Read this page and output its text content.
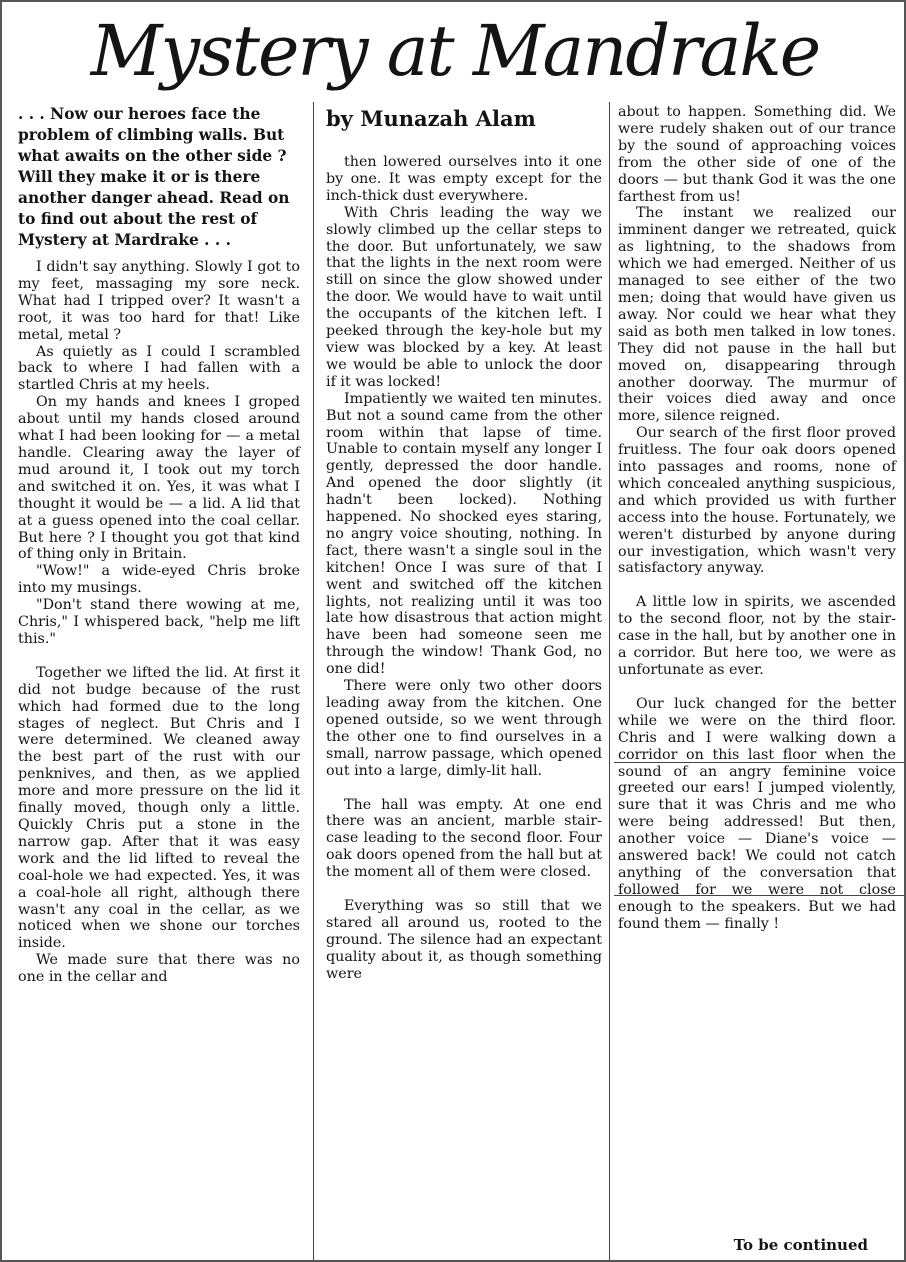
Mystery at Mandrake

. . . Now our heroes face the problem of climbing walls. But what awaits on the other side ? Will they make it or is there another danger ahead. Read on to find out about the rest of Mystery at Mardrake . . .

I didn't say anything. Slowly I got to my feet, massaging my sore neck. What had I tripped over? It wasn't a root, it was too hard for that! Like metal, metal ?

As quietly as I could I scrambled back to where I had fallen with a startled Chris at my heels.

On my hands and knees I groped about until my hands closed around what I had been looking for — a metal handle. Clearing away the layer of mud around it, I took out my torch and switched it on. Yes, it was what I thought it would be — a lid. A lid that at a guess opened into the coal cellar. But here ? I thought you got that kind of thing only in Britain.

"Wow!" a wide-eyed Chris broke into my musings.

"Don't stand there wowing at me, Chris," I whispered back, "help me lift this."

Together we lifted the lid. At first it did not budge because of the rust which had formed due to the long stages of neglect. But Chris and I were determined. We cleaned away the best part of the rust with our penknives, and then, as we applied more and more pressure on the lid it finally moved, though only a little. Quickly Chris put a stone in the narrow gap. After that it was easy work and the lid lifted to reveal the coal-hole we had expected. Yes, it was a coal-hole all right, although there wasn't any coal in the cellar, as we noticed when we shone our torches inside.

We made sure that there was no one in the cellar and

by Munazah Alam

then lowered ourselves into it one by one. It was empty except for the inch-thick dust everywhere.

With Chris leading the way we slowly climbed up the cellar steps to the door. But unfortunately, we saw that the lights in the next room were still on since the glow showed under the door. We would have to wait until the occupants of the kitchen left. I peeked through the key-hole but my view was blocked by a key. At least we would be able to unlock the door if it was locked!

Impatiently we waited ten minutes. But not a sound came from the other room within that lapse of time. Unable to contain myself any longer I gently, depressed the door handle. And opened the door slightly (it hadn't been locked). Nothing happened. No shocked eyes staring, no angry voice shouting, nothing. In fact, there wasn't a single soul in the kitchen! Once I was sure of that I went and switched off the kitchen lights, not realizing until it was too late how disastrous that action might have been had someone seen me through the window! Thank God, no one did!

There were only two other doors leading away from the kitchen. One opened outside, so we went through the other one to find ourselves in a small, narrow passage, which opened out into a large, dimly-lit hall.

The hall was empty. At one end there was an ancient, marble stair-case leading to the second floor. Four oak doors opened from the hall but at the moment all of them were closed.

Everything was so still that we stared all around us, rooted to the ground. The silence had an expectant quality about it, as though something were

about to happen. Something did. We were rudely shaken out of our trance by the sound of approaching voices from the other side of one of the doors — but thank God it was the one farthest from us!

The instant we realized our imminent danger we retreated, quick as lightning, to the shadows from which we had emerged. Neither of us managed to see either of the two men; doing that would have given us away. Nor could we hear what they said as both men talked in low tones. They did not pause in the hall but moved on, disappearing through another doorway. The murmur of their voices died away and once more, silence reigned.

Our search of the first floor proved fruitless. The four oak doors opened into passages and rooms, none of which concealed anything suspicious, and which provided us with further access into the house. Fortunately, we weren't disturbed by anyone during our investigation, which wasn't very satisfactory anyway.

A little low in spirits, we ascended to the second floor, not by the stair-case in the hall, but by another one in a corridor. But here too, we were as unfortunate as ever.

Our luck changed for the better while we were on the third floor. Chris and I were walking down a corridor on this last floor when the sound of an angry feminine voice greeted our ears! I jumped violently, sure that it was Chris and me who were being addressed! But then, another voice — Diane's voice — answered back! We could not catch anything of the conversation that followed for we were not close enough to the speakers. But we had found them — finally !

To be continued
